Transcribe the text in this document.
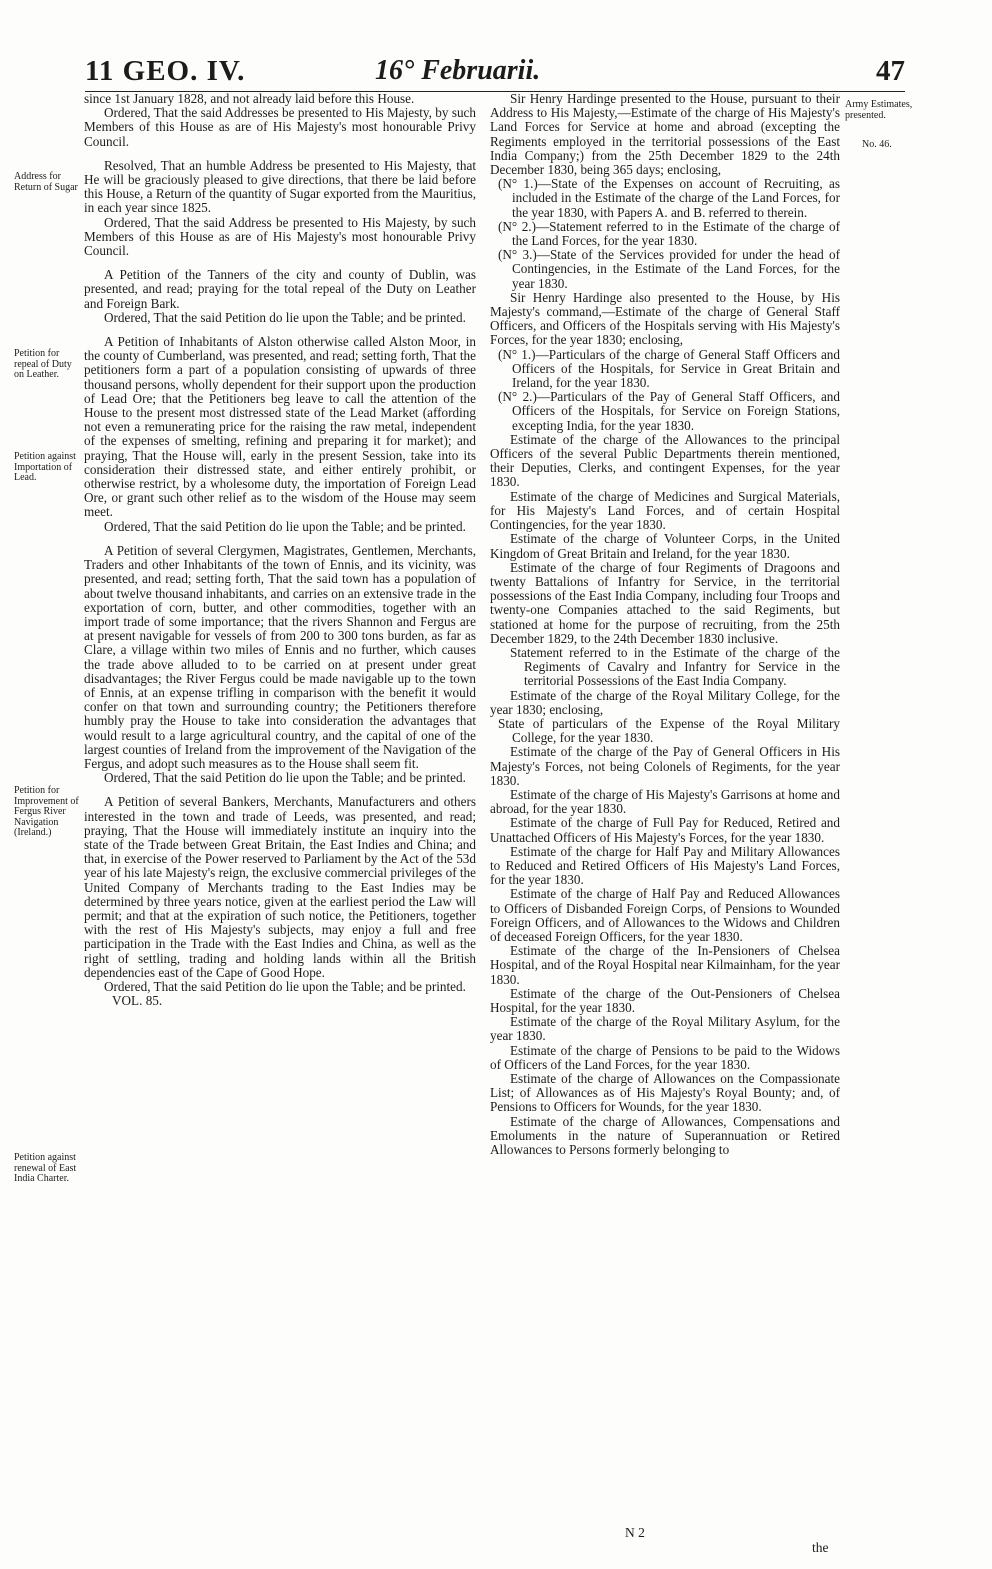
11 GEO. IV.	16° Februarii.	47
Address for Return of Sugar
Petition for repeal of Duty on Leather.
Petition against Importation of Lead.
Petition for Improvement of Fergus River Navigation (Ireland.)
Petition against renewal of East India Charter.
Army Estimates, presented.
No. 46.

since 1st January 1828, and not already laid before this House.

Ordered, That the said Addresses be presented to His Majesty, by such Members of this House as are of His Majesty's most honourable Privy Council.

Resolved, That an humble Address be presented to His Majesty, that He will be graciously pleased to give directions, that there be laid before this House, a Return of the quantity of Sugar exported from the Mauritius, in each year since 1825.

Ordered, That the said Address be presented to His Majesty, by such Members of this House as are of His Majesty's most honourable Privy Council.

A Petition of the Tanners of the city and county of Dublin, was presented, and read; praying for the total repeal of the Duty on Leather and Foreign Bark.

Ordered, That the said Petition do lie upon the Table; and be printed.

A Petition of Inhabitants of Alston otherwise called Alston Moor, in the county of Cumberland, was presented, and read; setting forth, That the petitioners form a part of a population consisting of upwards of three thousand persons, wholly dependent for their support upon the production of Lead Ore; that the Petitioners beg leave to call the attention of the House to the present most distressed state of the Lead Market (affording not even a remunerating price for the raising the raw metal, independent of the expenses of smelting, refining and preparing it for market); and praying, That the House will, early in the present Session, take into its consideration their distressed state, and either entirely prohibit, or otherwise restrict, by a wholesome duty, the importation of Foreign Lead Ore, or grant such other relief as to the wisdom of the House may seem meet.

Ordered, That the said Petition do lie upon the Table; and be printed.

A Petition of several Clergymen, Magistrates, Gentlemen, Merchants, Traders and other Inhabitants of the town of Ennis, and its vicinity, was presented, and read; setting forth, That the said town has a population of about twelve thousand inhabitants, and carries on an extensive trade in the exportation of corn, butter, and other commodities, together with an import trade of some importance; that the rivers Shannon and Fergus are at present navigable for vessels of from 200 to 300 tons burden, as far as Clare, a village within two miles of Ennis and no further, which causes the trade above alluded to to be carried on at present under great disadvantages; the River Fergus could be made navigable up to the town of Ennis, at an expense trifling in comparison with the benefit it would confer on that town and surrounding country; the Petitioners therefore humbly pray the House to take into consideration the advantages that would result to a large agricultural country, and the capital of one of the largest counties of Ireland from the improvement of the Navigation of the Fergus, and adopt such measures as to the House shall seem fit.

Ordered, That the said Petition do lie upon the Table; and be printed.

A Petition of several Bankers, Merchants, Manufacturers and others interested in the town and trade of Leeds, was presented, and read; praying, That the House will immediately institute an inquiry into the state of the Trade between Great Britain, the East Indies and China; and that, in exercise of the Power reserved to Parliament by the Act of the 53d year of his late Majesty's reign, the exclusive commercial privileges of the United Company of Merchants trading to the East Indies may be determined by three years notice, given at the earliest period the Law will permit; and that at the expiration of such notice, the Petitioners, together with the rest of His Majesty's subjects, may enjoy a full and free participation in the Trade with the East Indies and China, as well as the right of settling, trading and holding lands within all the British dependencies east of the Cape of Good Hope.

Ordered, That the said Petition do lie upon the Table; and be printed.

VOL. 85.

Sir Henry Hardinge presented to the House, pursuant to their Address to His Majesty,—Estimate of the charge of His Majesty's Land Forces for Service at home and abroad (excepting the Regiments employed in the territorial possessions of the East India Company;) from the 25th December 1829 to the 24th December 1830, being 365 days; enclosing,

(N° 1.)—State of the Expenses on account of Recruiting, as included in the Estimate of the charge of the Land Forces, for the year 1830, with Papers A. and B. referred to therein.

(N° 2.)—Statement referred to in the Estimate of the charge of the Land Forces, for the year 1830.

(N° 3.)—State of the Services provided for under the head of Contingencies, in the Estimate of the Land Forces, for the year 1830.

Sir Henry Hardinge also presented to the House, by His Majesty's command,—Estimate of the charge of General Staff Officers, and Officers of the Hospitals serving with His Majesty's Forces, for the year 1830; enclosing,

(N° 1.)—Particulars of the charge of General Staff Officers and Officers of the Hospitals, for Service in Great Britain and Ireland, for the year 1830.

(N° 2.)—Particulars of the Pay of General Staff Officers, and Officers of the Hospitals, for Service on Foreign Stations, excepting India, for the year 1830.

Estimate of the charge of the Allowances to the principal Officers of the several Public Departments therein mentioned, their Deputies, Clerks, and contingent Expenses, for the year 1830.

Estimate of the charge of Medicines and Surgical Materials, for His Majesty's Land Forces, and of certain Hospital Contingencies, for the year 1830.

Estimate of the charge of Volunteer Corps, in the United Kingdom of Great Britain and Ireland, for the year 1830.

Estimate of the charge of four Regiments of Dragoons and twenty Battalions of Infantry for Service, in the territorial possessions of the East India Company, including four Troops and twenty-one Companies attached to the said Regiments, but stationed at home for the purpose of recruiting, from the 25th December 1829, to the 24th December 1830 inclusive.

Statement referred to in the Estimate of the charge of the Regiments of Cavalry and Infantry for Service in the territorial Possessions of the East India Company.

Estimate of the charge of the Royal Military College, for the year 1830; enclosing,

State of particulars of the Expense of the Royal Military College, for the year 1830.

Estimate of the charge of the Pay of General Officers in His Majesty's Forces, not being Colonels of Regiments, for the year 1830.

Estimate of the charge of His Majesty's Garrisons at home and abroad, for the year 1830.

Estimate of the charge of Full Pay for Reduced, Retired and Unattached Officers of His Majesty's Forces, for the year 1830.

Estimate of the charge for Half Pay and Military Allowances to Reduced and Retired Officers of His Majesty's Land Forces, for the year 1830.

Estimate of the charge of Half Pay and Reduced Allowances to Officers of Disbanded Foreign Corps, of Pensions to Wounded Foreign Officers, and of Allowances to the Widows and Children of deceased Foreign Officers, for the year 1830.

Estimate of the charge of the In-Pensioners of Chelsea Hospital, and of the Royal Hospital near Kilmainham, for the year 1830.

Estimate of the charge of the Out-Pensioners of Chelsea Hospital, for the year 1830.

Estimate of the charge of the Royal Military Asylum, for the year 1830.

Estimate of the charge of Pensions to be paid to the Widows of Officers of the Land Forces, for the year 1830.

Estimate of the charge of Allowances on the Compassionate List; of Allowances as of His Majesty's Royal Bounty; and, of Pensions to Officers for Wounds, for the year 1830.

Estimate of the charge of Allowances, Compensations and Emoluments in the nature of Superannuation or Retired Allowances to Persons formerly belonging to

N 2
the
